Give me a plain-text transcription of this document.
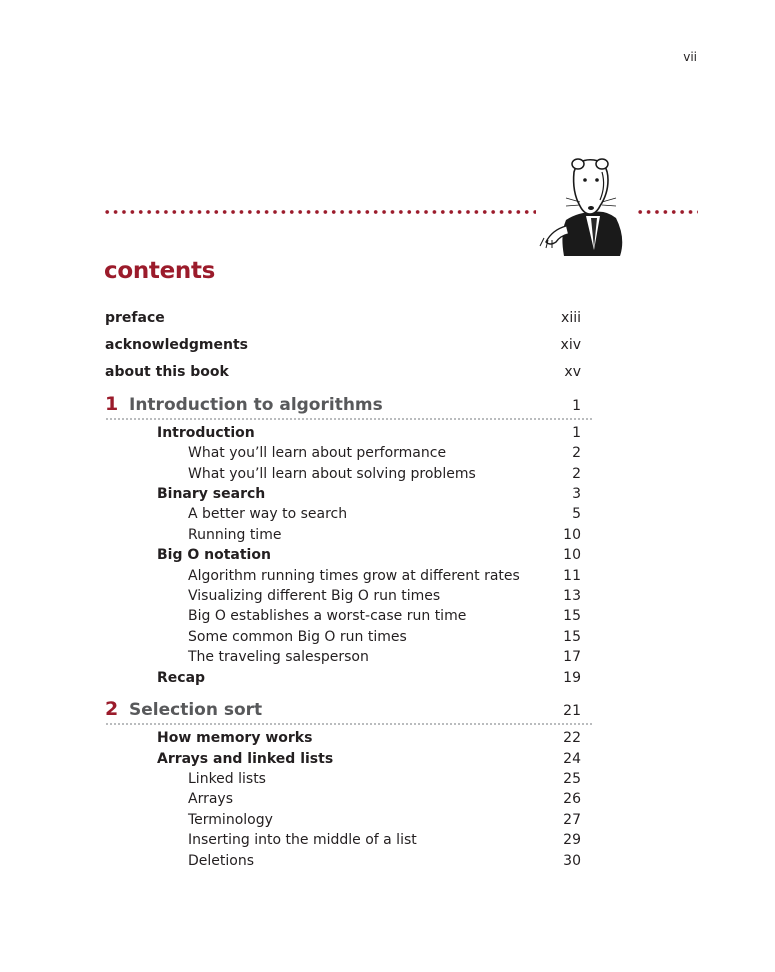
vii
contents
preface	xiii
acknowledgments	xiv
about this book	xv
1 Introduction to algorithms	1
Introduction	1
What you’ll learn about performance	2
What you’ll learn about solving problems	2
Binary search	3
A better way to search	5
Running time	10
Big O notation	10
Algorithm running times grow at different rates	11
Visualizing different Big O run times	13
Big O establishes a worst-case run time	15
Some common Big O run times	15
The traveling salesperson	17
Recap	19
2 Selection sort	21
How memory works	22
Arrays and linked lists	24
Linked lists	25
Arrays	26
Terminology	27
Inserting into the middle of a list	29
Deletions	30
